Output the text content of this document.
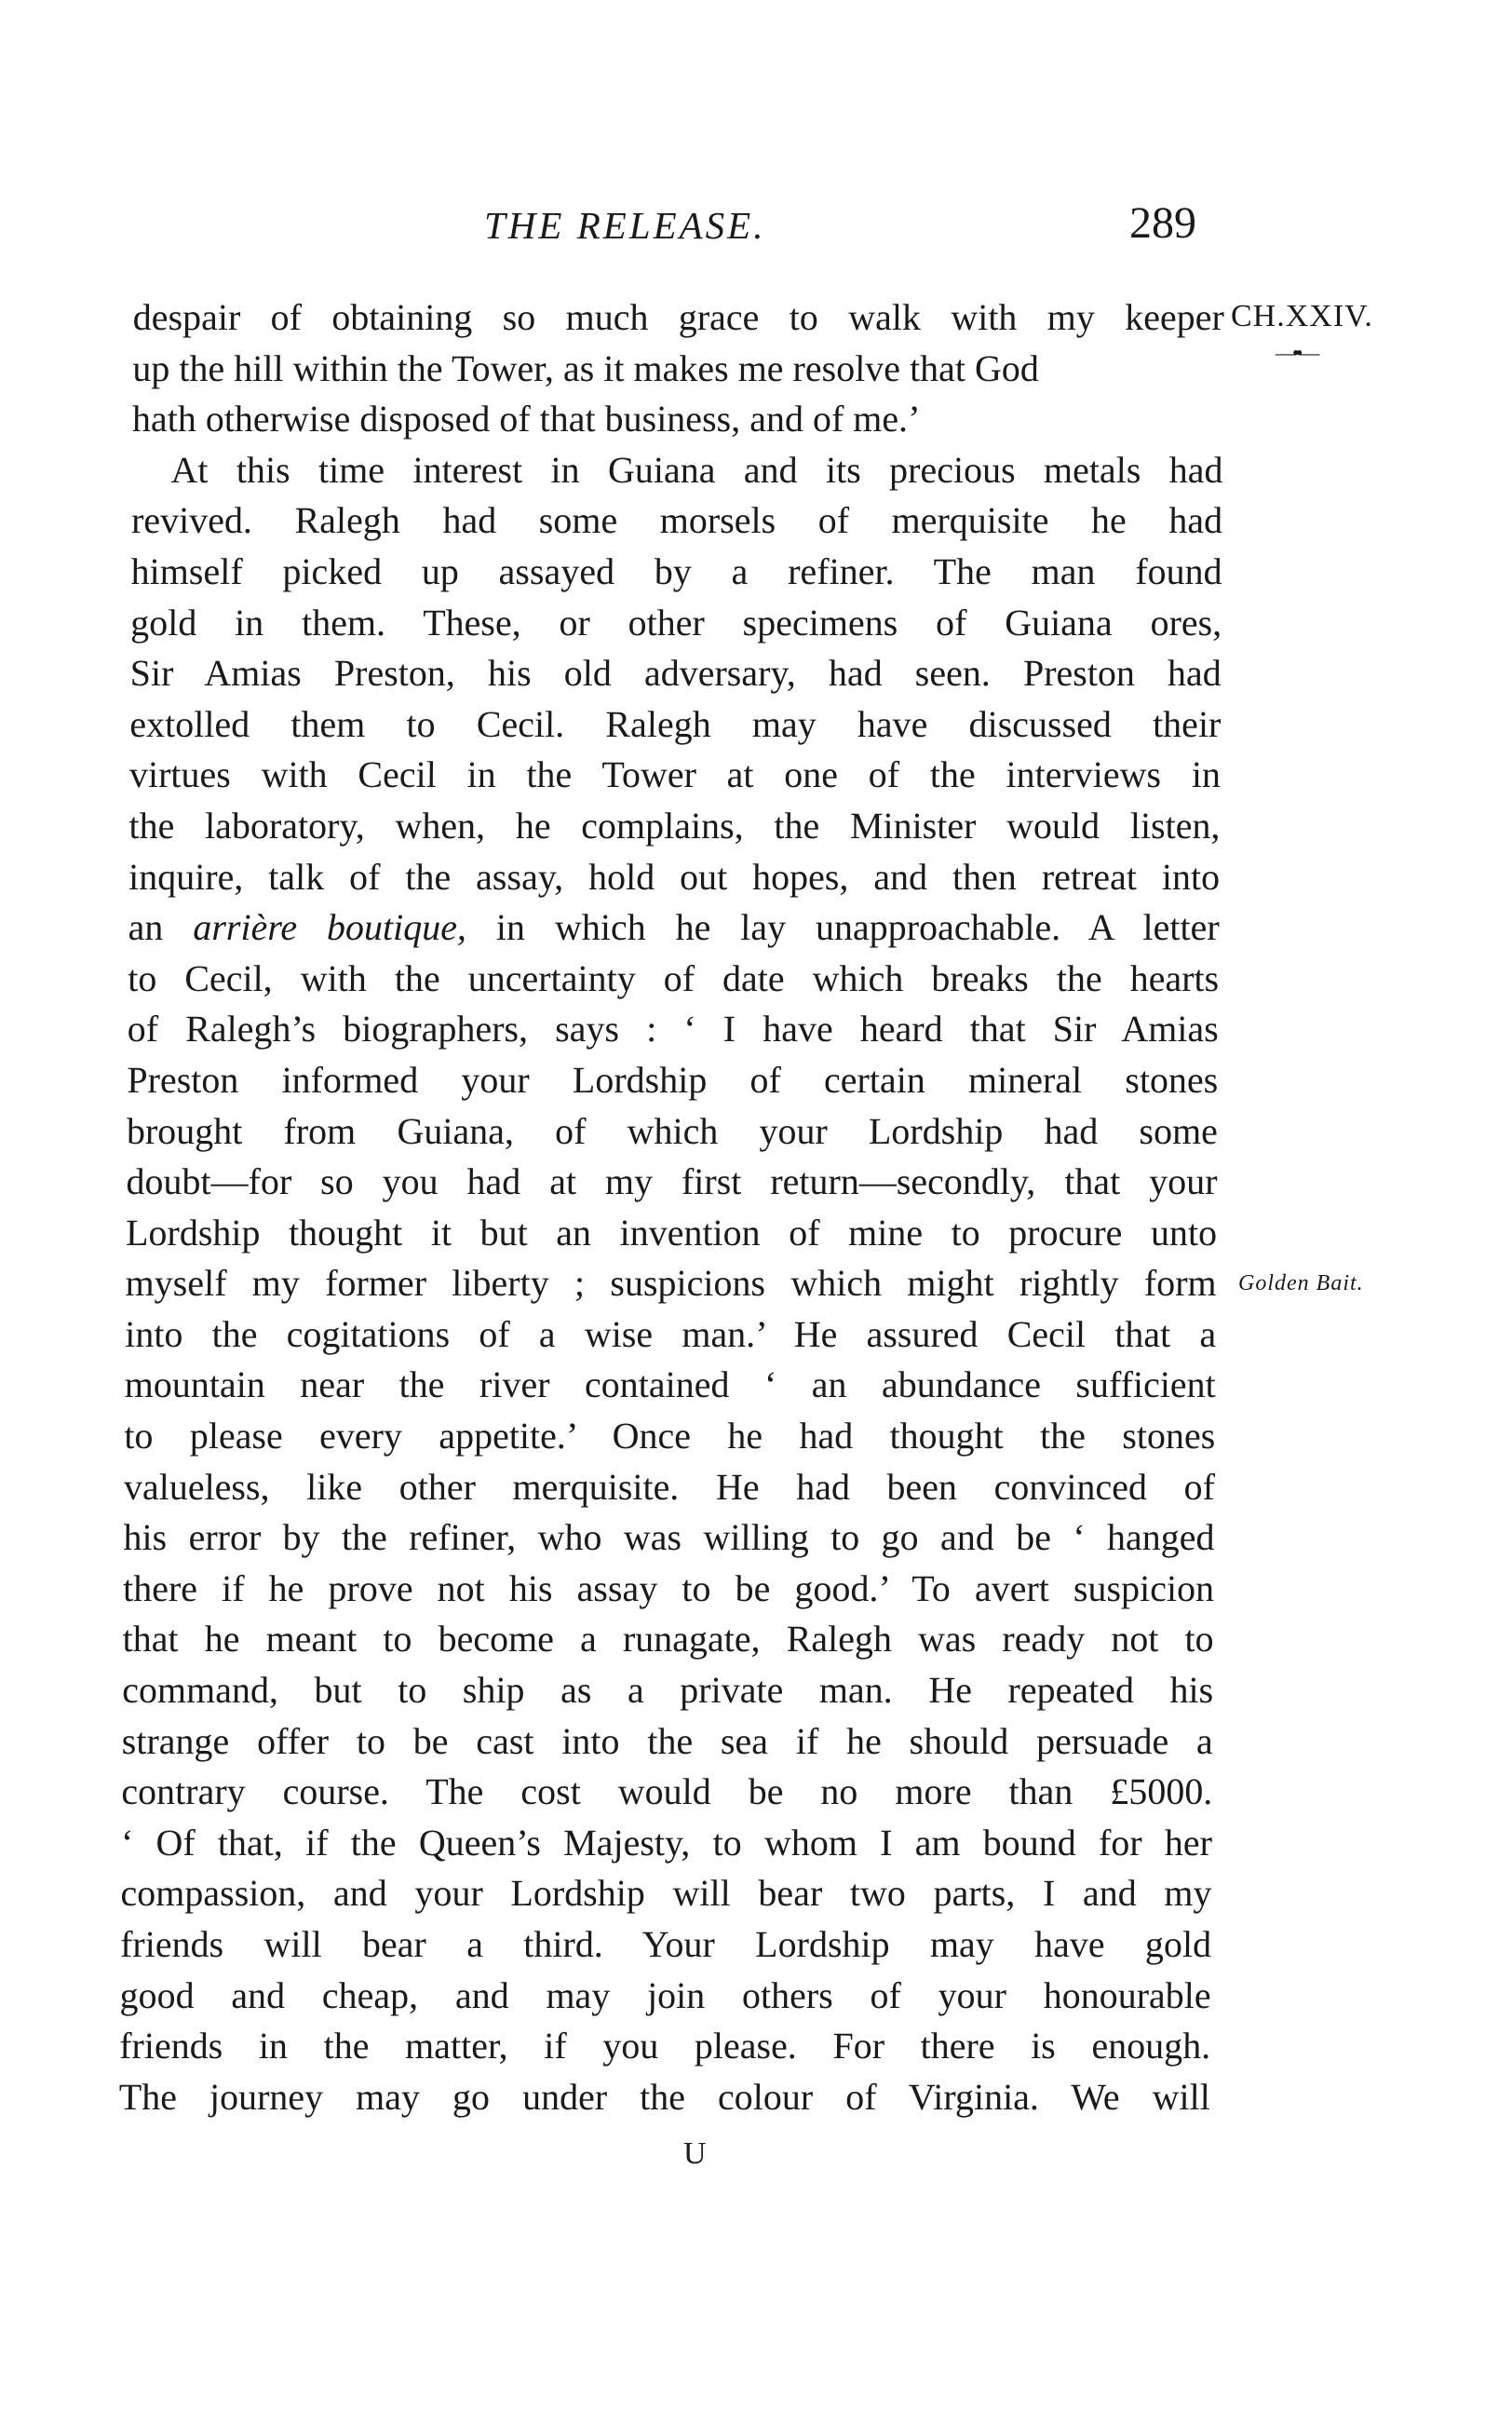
THE RELEASE.	289
CH.XXIV.
—••—
Golden Bait.
despair of obtaining so much grace to walk with my keeper
up the hill within the Tower, as it makes me resolve that God
hath otherwise disposed of that business, and of me.’
At this time interest in Guiana and its precious metals had
revived. Ralegh had some morsels of merquisite he had
himself picked up assayed by a refiner. The man found
gold in them. These, or other specimens of Guiana ores,
Sir Amias Preston, his old adversary, had seen. Preston had
extolled them to Cecil. Ralegh may have discussed their
virtues with Cecil in the Tower at one of the interviews in
the laboratory, when, he complains, the Minister would listen,
inquire, talk of the assay, hold out hopes, and then retreat into
an arrière boutique, in which he lay unapproachable. A letter
to Cecil, with the uncertainty of date which breaks the hearts
of Ralegh’s biographers, says : ‘ I have heard that Sir Amias
Preston informed your Lordship of certain mineral stones
brought from Guiana, of which your Lordship had some
doubt—for so you had at my first return—secondly, that your
Lordship thought it but an invention of mine to procure unto
myself my former liberty ; suspicions which might rightly form
into the cogitations of a wise man.’ He assured Cecil that a
mountain near the river contained ‘ an abundance sufficient
to please every appetite.’ Once he had thought the stones
valueless, like other merquisite. He had been convinced of
his error by the refiner, who was willing to go and be ‘ hanged
there if he prove not his assay to be good.’ To avert suspicion
that he meant to become a runagate, Ralegh was ready not to
command, but to ship as a private man. He repeated his
strange offer to be cast into the sea if he should persuade a
contrary course. The cost would be no more than £5000.
‘ Of that, if the Queen’s Majesty, to whom I am bound for her
compassion, and your Lordship will bear two parts, I and my
friends will bear a third. Your Lordship may have gold
good and cheap, and may join others of your honourable
friends in the matter, if you please. For there is enough.
The journey may go under the colour of Virginia. We will
U
